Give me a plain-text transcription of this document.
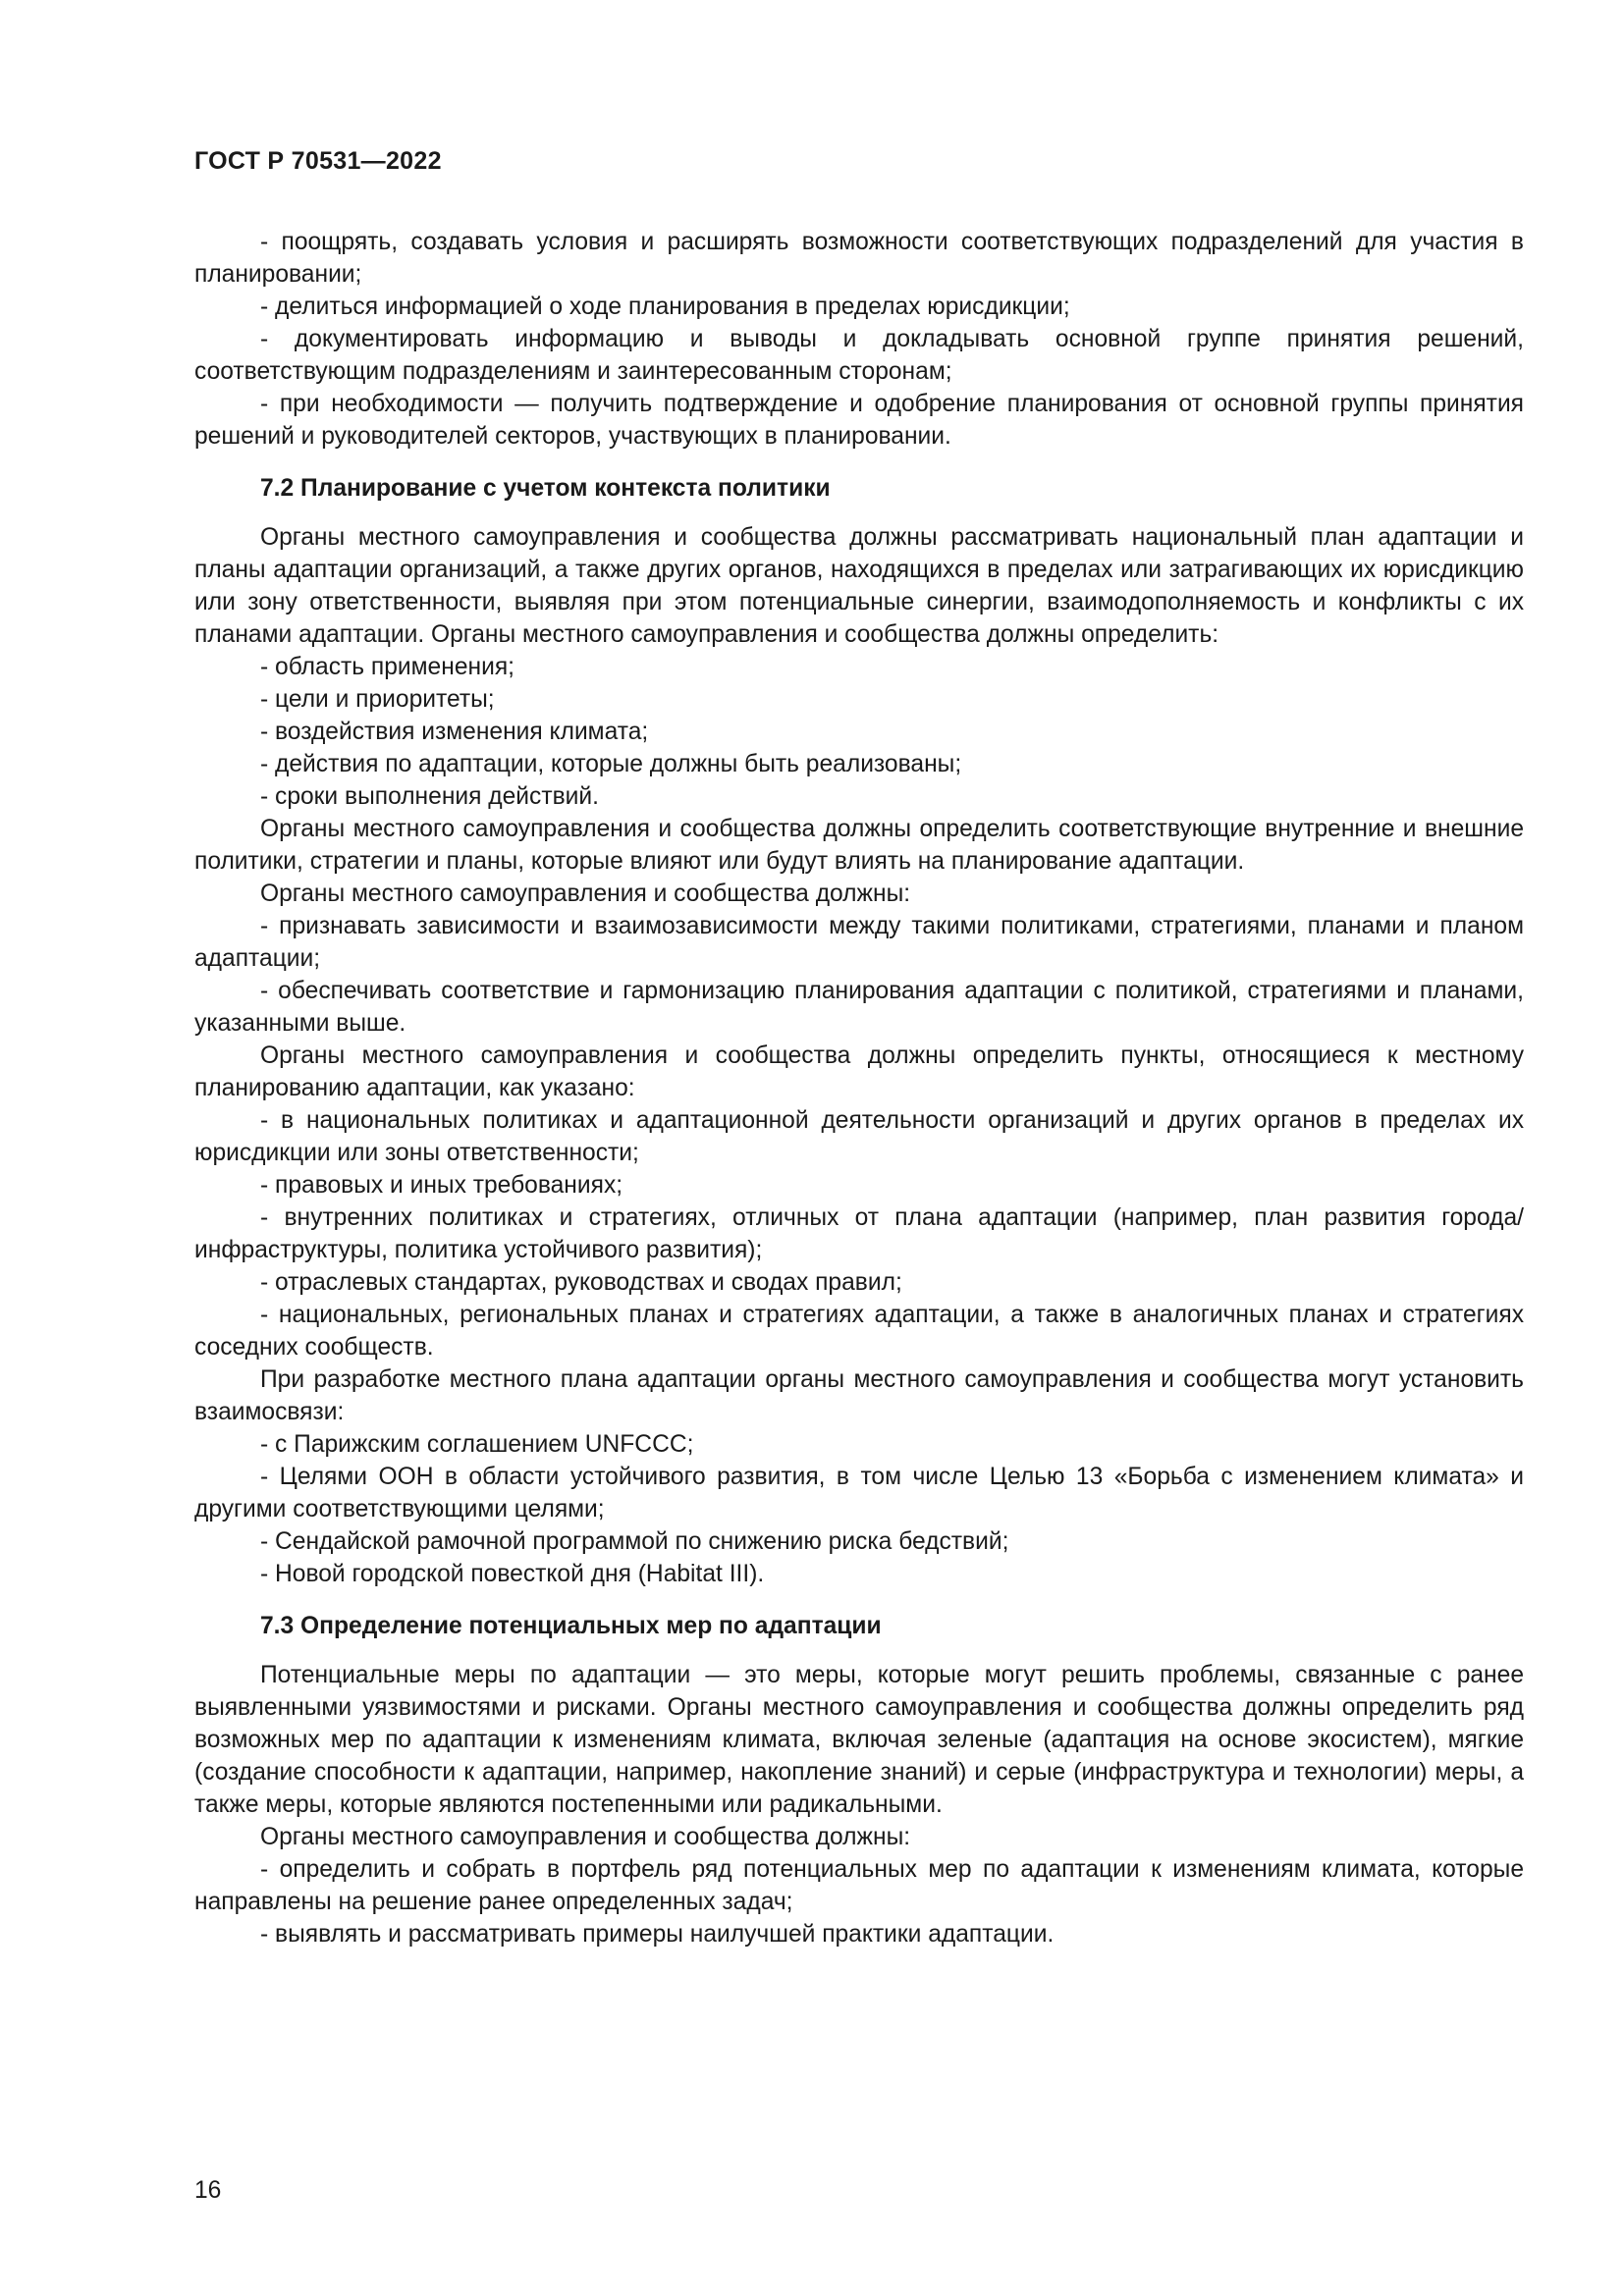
ГОСТ Р 70531—2022

- поощрять, создавать условия и расширять возможности соответствующих подразделений для участия в планировании;

- делиться информацией о ходе планирования в пределах юрисдикции;

- документировать информацию и выводы и докладывать основной группе принятия решений, соответствующим подразделениям и заинтересованным сторонам;

- при необходимости — получить подтверждение и одобрение планирования от основной группы принятия решений и руководителей секторов, участвующих в планировании.

7.2 Планирование с учетом контекста политики

Органы местного самоуправления и сообщества должны рассматривать национальный план адаптации и планы адаптации организаций, а также других органов, находящихся в пределах или затрагивающих их юрисдикцию или зону ответственности, выявляя при этом потенциальные синергии, взаимодополняемость и конфликты с их планами адаптации. Органы местного самоуправления и сообщества должны определить:

- область применения;

- цели и приоритеты;

- воздействия изменения климата;

- действия по адаптации, которые должны быть реализованы;

- сроки выполнения действий.

Органы местного самоуправления и сообщества должны определить соответствующие внутренние и внешние политики, стратегии и планы, которые влияют или будут влиять на планирование адаптации.

Органы местного самоуправления и сообщества должны:

- признавать зависимости и взаимозависимости между такими политиками, стратегиями, планами и планом адаптации;

- обеспечивать соответствие и гармонизацию планирования адаптации с политикой, стратегиями и планами, указанными выше.

Органы местного самоуправления и сообщества должны определить пункты, относящиеся к местному планированию адаптации, как указано:

- в национальных политиках и адаптационной деятельности организаций и других органов в пределах их юрисдикции или зоны ответственности;

- правовых и иных требованиях;

- внутренних политиках и стратегиях, отличных от плана адаптации (например, план развития города/инфраструктуры, политика устойчивого развития);

- отраслевых стандартах, руководствах и сводах правил;

- национальных, региональных планах и стратегиях адаптации, а также в аналогичных планах и стратегиях соседних сообществ.

При разработке местного плана адаптации органы местного самоуправления и сообщества могут установить взаимосвязи:

- с Парижским соглашением UNFCCC;

- Целями ООН в области устойчивого развития, в том числе Целью 13 «Борьба с изменением климата» и другими соответствующими целями;

- Сендайской рамочной программой по снижению риска бедствий;

- Новой городской повесткой дня (Habitat III).

7.3 Определение потенциальных мер по адаптации

Потенциальные меры по адаптации — это меры, которые могут решить проблемы, связанные с ранее выявленными уязвимостями и рисками. Органы местного самоуправления и сообщества должны определить ряд возможных мер по адаптации к изменениям климата, включая зеленые (адаптация на основе экосистем), мягкие (создание способности к адаптации, например, накопление знаний) и серые (инфраструктура и технологии) меры, а также меры, которые являются постепенными или радикальными.

Органы местного самоуправления и сообщества должны:

- определить и собрать в портфель ряд потенциальных мер по адаптации к изменениям климата, которые направлены на решение ранее определенных задач;

- выявлять и рассматривать примеры наилучшей практики адаптации.

16
